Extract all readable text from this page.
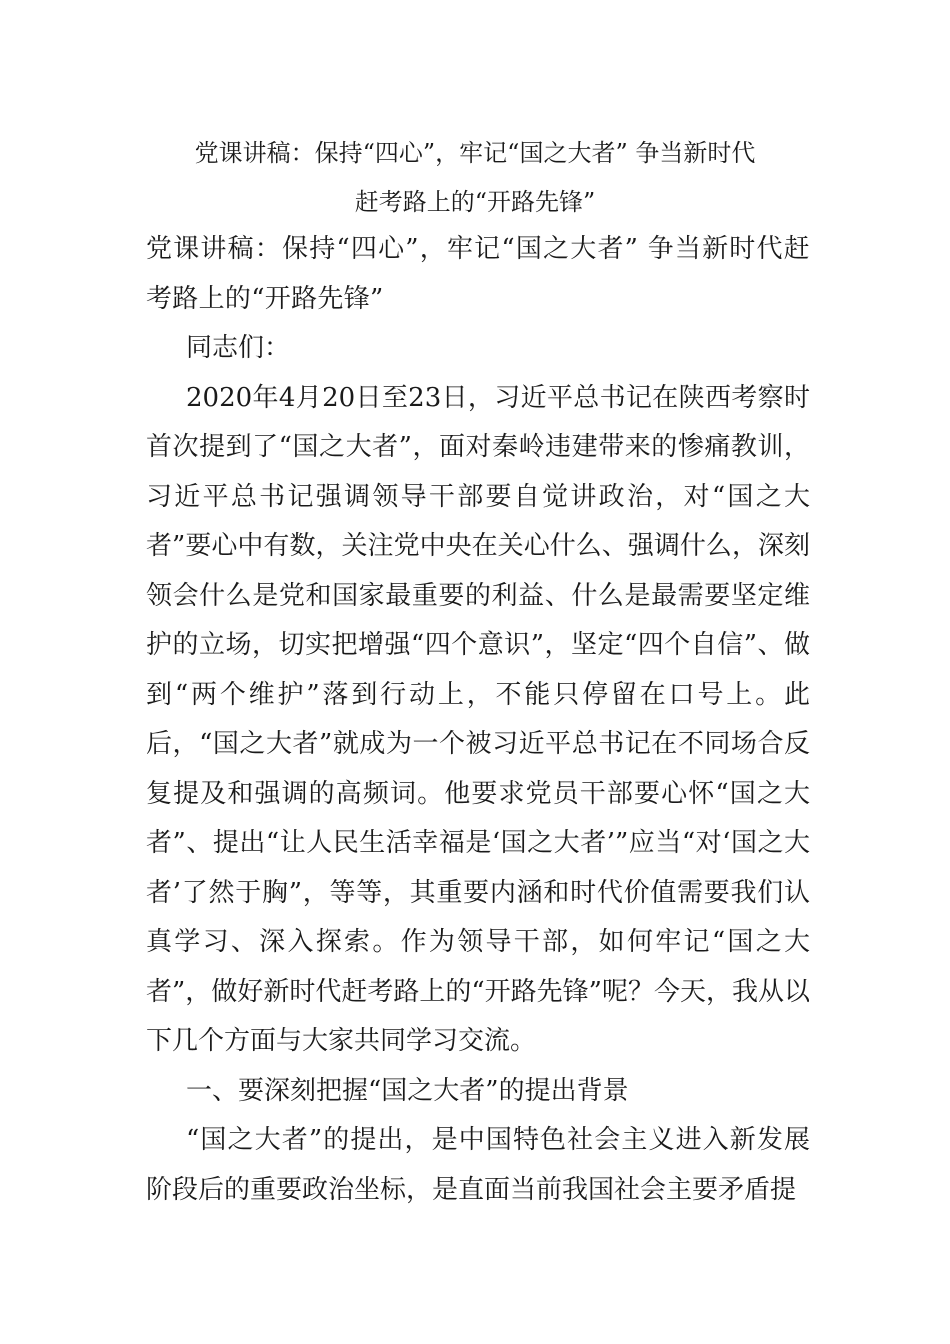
党课讲稿：保持“四心”，牢记“国之大者” 争当新时代
赶考路上的“开路先锋”

党课讲稿：保持“四心”，牢记“国之大者” 争当新时代赶考路上的“开路先锋”

同志们：

2020年4月20日至23日，习近平总书记在陕西考察时首次提到了“国之大者”，面对秦岭违建带来的惨痛教训，习近平总书记强调领导干部要自觉讲政治，对“国之大者”要心中有数，关注党中央在关心什么、强调什么，深刻领会什么是党和国家最重要的利益、什么是最需要坚定维护的立场，切实把增强“四个意识”，坚定“四个自信”、做到“两个维护”落到行动上，不能只停留在口号上。此后，“国之大者”就成为一个被习近平总书记在不同场合反复提及和强调的高频词。他要求党员干部要心怀“国之大者”、提出“让人民生活幸福是‘国之大者’”应当“对‘国之大者’了然于胸”，等等，其重要内涵和时代价值需要我们认真学习、深入探索。作为领导干部，如何牢记“国之大者”，做好新时代赶考路上的“开路先锋”呢？今天，我从以下几个方面与大家共同学习交流。

一、要深刻把握“国之大者”的提出背景

“国之大者”的提出，是中国特色社会主义进入新发展阶段后的重要政治坐标，是直面当前我国社会主要矛盾提
